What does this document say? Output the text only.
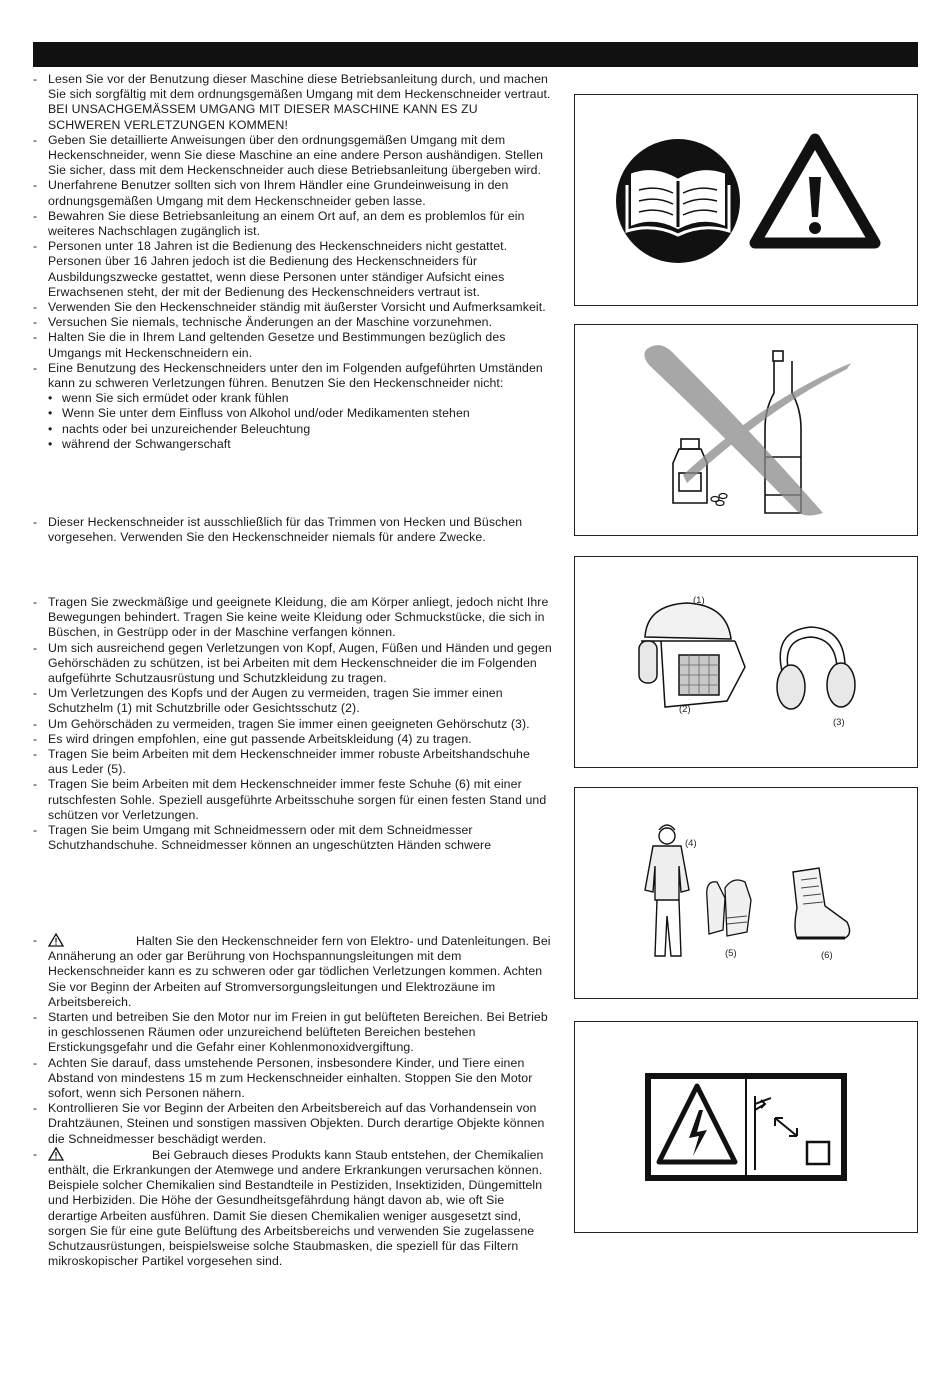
- Lesen Sie vor der Benutzung dieser Maschine diese Betriebsanleitung durch, und machen Sie sich sorgfältig mit dem ordnungsgemäßen Umgang mit dem Heckenschneider vertraut. BEI UNSACHGEMÄSSEM UMGANG MIT DIESER MASCHINE KANN ES ZU SCHWEREN VERLETZUNGEN KOMMEN!
- Geben Sie detaillierte Anweisungen über den ordnungsgemäßen Umgang mit dem Heckenschneider, wenn Sie diese Maschine an eine andere Person aushändigen. Stellen Sie sicher, dass mit dem Heckenschneider auch diese Betriebsanleitung übergeben wird.
- Unerfahrene Benutzer sollten sich von Ihrem Händler eine Grundeinweisung in den ordnungsgemäßen Umgang mit dem Heckenschneider geben lasse.
- Bewahren Sie diese Betriebsanleitung an einem Ort auf, an dem es problemlos für ein weiteres Nachschlagen zugänglich ist.
- Personen unter 18 Jahren ist die Bedienung des Heckenschneiders nicht gestattet. Personen über 16 Jahren jedoch ist die Bedienung des Heckenschneiders für Ausbildungszwecke gestattet, wenn diese Personen unter ständiger Aufsicht eines Erwachsenen steht, der mit der Bedienung des Heckenschneiders vertraut ist.
- Verwenden Sie den Heckenschneider ständig mit äußerster Vorsicht und Aufmerksamkeit.
- Versuchen Sie niemals, technische Änderungen an der Maschine vorzunehmen.
- Halten Sie die in Ihrem Land geltenden Gesetze und Bestimmungen bezüglich des Umgangs mit Heckenschneidern ein.
- Eine Benutzung des Heckenschneiders unter den im Folgenden aufgeführten Umständen kann zu schweren Verletzungen führen. Benutzen Sie den Heckenschneider nicht:
• wenn Sie sich ermüdet oder krank fühlen
• Wenn Sie unter dem Einfluss von Alkohol und/oder Medikamenten stehen
• nachts oder bei unzureichender Beleuchtung
• während der Schwangerschaft
- Dieser Heckenschneider ist ausschließlich für das Trimmen von Hecken und Büschen vorgesehen. Verwenden Sie den Heckenschneider niemals für andere Zwecke.
- Tragen Sie zweckmäßige und geeignete Kleidung, die am Körper anliegt, jedoch nicht Ihre Bewegungen behindert. Tragen Sie keine weite Kleidung oder Schmuckstücke, die sich in Büschen, in Gestrüpp oder in der Maschine verfangen können.
- Um sich ausreichend gegen Verletzungen von Kopf, Augen, Füßen und Händen und gegen Gehörschäden zu schützen, ist bei Arbeiten mit dem Heckenschneider die im Folgenden aufgeführte Schutzausrüstung und Schutzkleidung zu tragen.
- Um Verletzungen des Kopfs und der Augen zu vermeiden, tragen Sie immer einen Schutzhelm (1) mit Schutzbrille oder Gesichtsschutz (2).
- Um Gehörschäden zu vermeiden, tragen Sie immer einen geeigneten Gehörschutz (3).
- Es wird dringen empfohlen, eine gut passende Arbeitskleidung (4) zu tragen.
- Tragen Sie beim Arbeiten mit dem Heckenschneider immer robuste Arbeitshandschuhe aus Leder (5).
- Tragen Sie beim Arbeiten mit dem Heckenschneider immer feste Schuhe (6) mit einer rutschfesten Sohle. Speziell ausgeführte Arbeitsschuhe sorgen für einen festen Stand und schützen vor Verletzungen.
- Tragen Sie beim Umgang mit Schneidmessern oder mit dem Schneidmesser Schutzhandschuhe. Schneidmesser können an ungeschützten Händen schwere
-	Halten Sie den Heckenschneider fern von Elektro- und Datenleitungen. Bei Annäherung an oder gar Berührung von Hochspannungsleitungen mit dem Heckenschneider kann es zu schweren oder gar tödlichen Verletzungen kommen. Achten Sie vor Beginn der Arbeiten auf Stromversorgungsleitungen und Elektrozäune im Arbeitsbereich.
- Starten und betreiben Sie den Motor nur im Freien in gut belüfteten Bereichen. Bei Betrieb in geschlossenen Räumen oder unzureichend belüfteten Bereichen bestehen Erstickungsgefahr und die Gefahr einer Kohlenmonoxidvergiftung.
- Achten Sie darauf, dass umstehende Personen, insbesondere Kinder, und Tiere einen Abstand von mindestens 15 m zum Heckenschneider einhalten. Stoppen Sie den Motor sofort, wenn sich Personen nähern.
- Kontrollieren Sie vor Beginn der Arbeiten den Arbeitsbereich auf das Vorhandensein von Drahtzäunen, Steinen und sonstigen massiven Objekten. Durch derartige Objekte können die Schneidmesser beschädigt werden.
-	Bei Gebrauch dieses Produkts kann Staub entstehen, der Chemikalien enthält, die Erkrankungen der Atemwege und andere Erkrankungen verursachen können. Beispiele solcher Chemikalien sind Bestandteile in Pestiziden, Insektiziden, Düngemitteln und Herbiziden. Die Höhe der Gesundheitsgefährdung hängt davon ab, wie oft Sie derartige Arbeiten ausführen. Damit Sie diesen Chemikalien weniger ausgesetzt sind, sorgen Sie für eine gute Belüftung des Arbeitsbereichs und verwenden Sie zugelassene Schutzausrüstungen, beispielsweise solche Staubmasken, die speziell für das Filtern mikroskopischer Partikel vorgesehen sind.
(1)
(2)
(3)
(4)
(5)	(6)
